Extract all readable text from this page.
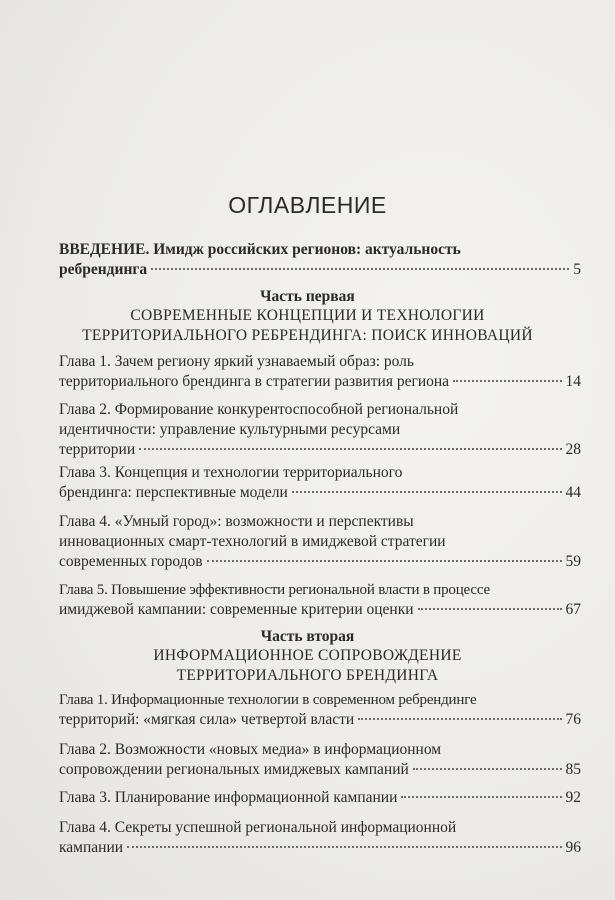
ОГЛАВЛЕНИЕ
ВВЕДЕНИЕ. Имидж российских регионов: актуальность
ребрендинга	5
Часть первая
СОВРЕМЕННЫЕ КОНЦЕПЦИИ И ТЕХНОЛОГИИ
ТЕРРИТОРИАЛЬНОГО РЕБРЕНДИНГА: ПОИСК ИННОВАЦИЙ
Глава 1. Зачем региону яркий узнаваемый образ: роль
территориального брендинга в стратегии развития региона	14
Глава 2. Формирование конкурентоспособной региональной
идентичности: управление культурными ресурсами
территории	28
Глава 3. Концепция и технологии территориального
брендинга: перспективные модели	44
Глава 4. «Умный город»: возможности и перспективы
инновационных смарт-технологий в имиджевой стратегии
современных городов	59
Глава 5. Повышение эффективности региональной власти в процессе
имиджевой кампании: современные критерии оценки	67
Часть вторая
ИНФОРМАЦИОННОЕ СОПРОВОЖДЕНИЕ
ТЕРРИТОРИАЛЬНОГО БРЕНДИНГА
Глава 1. Информационные технологии в современном ребрендинге
территорий: «мягкая сила» четвертой власти	76
Глава 2. Возможности «новых медиа» в информационном
сопровождении региональных имиджевых кампаний	85
Глава 3. Планирование информационной кампании	92
Глава 4. Секреты успешной региональной информационной
кампании	96
